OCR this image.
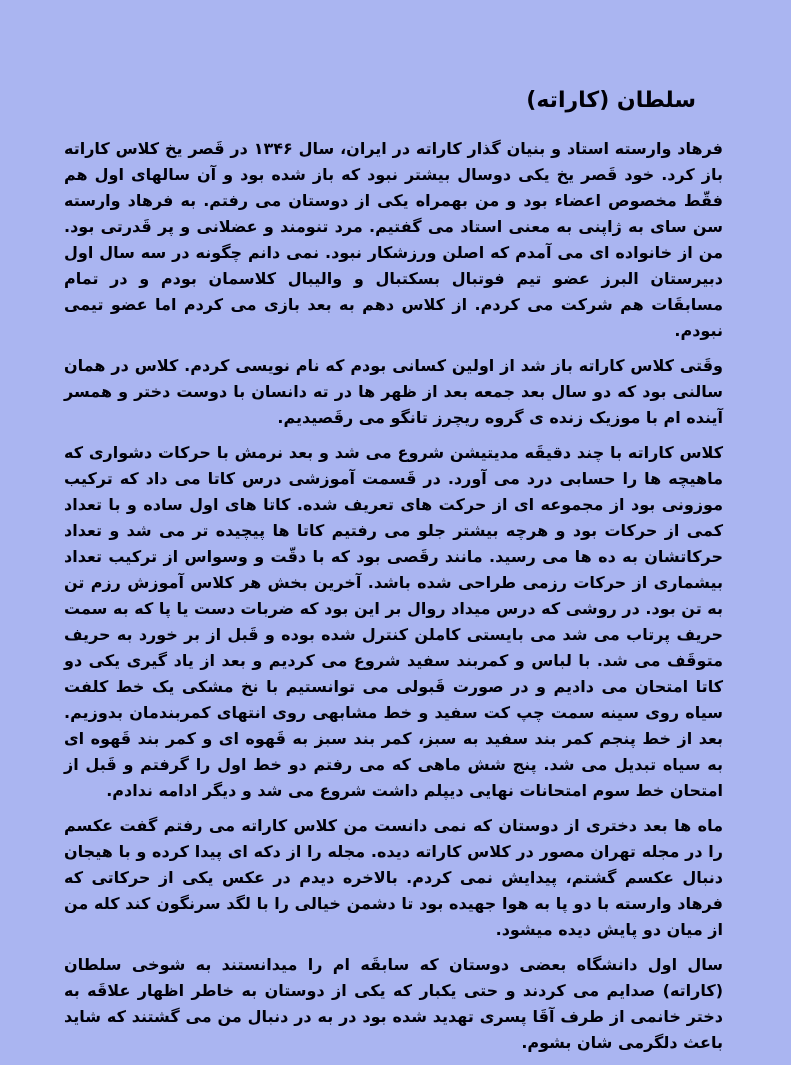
سلطان (کاراته)

فرهاد وارسته استاد و بنیان گذار کاراته در ایران، سال ۱۳۴۶ در قَصر یخ کلاس کاراته باز کرد. خود قَصر یخ یکی دوسال بیشتر نبود که باز شده بود و آن سالهای اول هم فقّط مخصوص اعضاء بود و من بهمراه یکی از دوستان می رفتم. به فرهاد وارسته سن سای به ژاپنی به معنی استاد می گفتیم. مرد تنومند و عضلانی و پر قَدرتی بود. من از خانواده ای می آمدم که اصلن ورزشکار نبود. نمی دانم چگونه در سه سال اول دبیرستان البرز عضو تیم فوتبال بسکتبال و والیبال کلاسمان بودم و در تمام مسابقَات هم شرکت می کردم. از کلاس دهم به بعد بازی می کردم اما عضو تیمی نبودم.

وقَتی کلاس کاراته باز شد از اولین کسانی بودم که نام نویسی کردم. کلاس در همان سالنی بود که دو سال بعد جمعه بعد از ظهر ها در ته دانسان با دوست دختر و همسر آینده ام با موزیک زنده ی گروه ریچرز تانگو می رقَصیدیم.

کلاس کاراته با چند دقیقَه مدیتیشن شروع می شد و بعد نرمش با حرکات دشواری که ماهیچه ها را حسابی درد می آورد. در قَسمت آموزشی درس کاتا می داد که ترکیب موزونی بود از مجموعه ای از حرکت های تعریف شده. کاتا های اول ساده و با تعداد کمی از حرکات بود و هرچه بیشتر جلو می رفتیم کاتا ها پیچیده تر می شد و تعداد حرکاتشان به ده ها می رسید. مانند رقَصی بود که با دقّت و وسواس از ترکیب تعداد بیشماری از حرکات رزمی طراحی شده باشد. آخرین بخش هر کلاس آموزش رزم تن به تن بود. در روشی که درس میداد روال بر این بود که ضربات دست یا پا که به سمت حریف پرتاب می شد می بایستی کاملن کنترل شده بوده و قَبل از بر خورد به حریف متوقَف می شد. با لباس و کمربند سفید شروع می کردیم و بعد از یاد گیری یکی دو کاتا امتحان می دادیم و در صورت قَبولی می توانستیم با نخ مشکی یک خط کلفت سیاه روی سینه سمت چپ کت سفید و خط مشابهی روی انتهای کمربندمان بدوزیم. بعد از خط پنجم کمر بند سفید به سبز، کمر بند سبز به قَهوه ای و کمر بند قَهوه ای به سیاه تبدیل می شد. پنج شش ماهی که می رفتم دو خط اول را گرفتم و قَبل از امتحان خط سوم امتحانات نهایی دیپلم داشت شروع می شد و دیگر ادامه ندادم.

ماه ها بعد دختری از دوستان که نمی دانست من کلاس کاراته می رفتم گفت عکسم را در مجله تهران مصور در کلاس کاراته دیده. مجله را از دکه ای پیدا کرده و با هیجان دنبال عکسم گشتم، پیدایش نمی کردم. بالاخره دیدم در عکس یکی از حرکاتی که فرهاد وارسته با دو پا به هوا جهیده بود تا دشمن خیالی را با لگد سرنگون کند کله من از میان دو پایش دیده میشود.

سال اول دانشگاه بعضی دوستان که سابقَه ام را میدانستند به شوخی سلطان (کاراته) صدایم می کردند و حتی یکبار که یکی از دوستان به خاطر اظهار علاقَه به دختر خانمی از طرف آقَا پسری تهدید شده بود در به در دنبال من می گشتند که شاید باعث دلگرمی شان بشوم.
